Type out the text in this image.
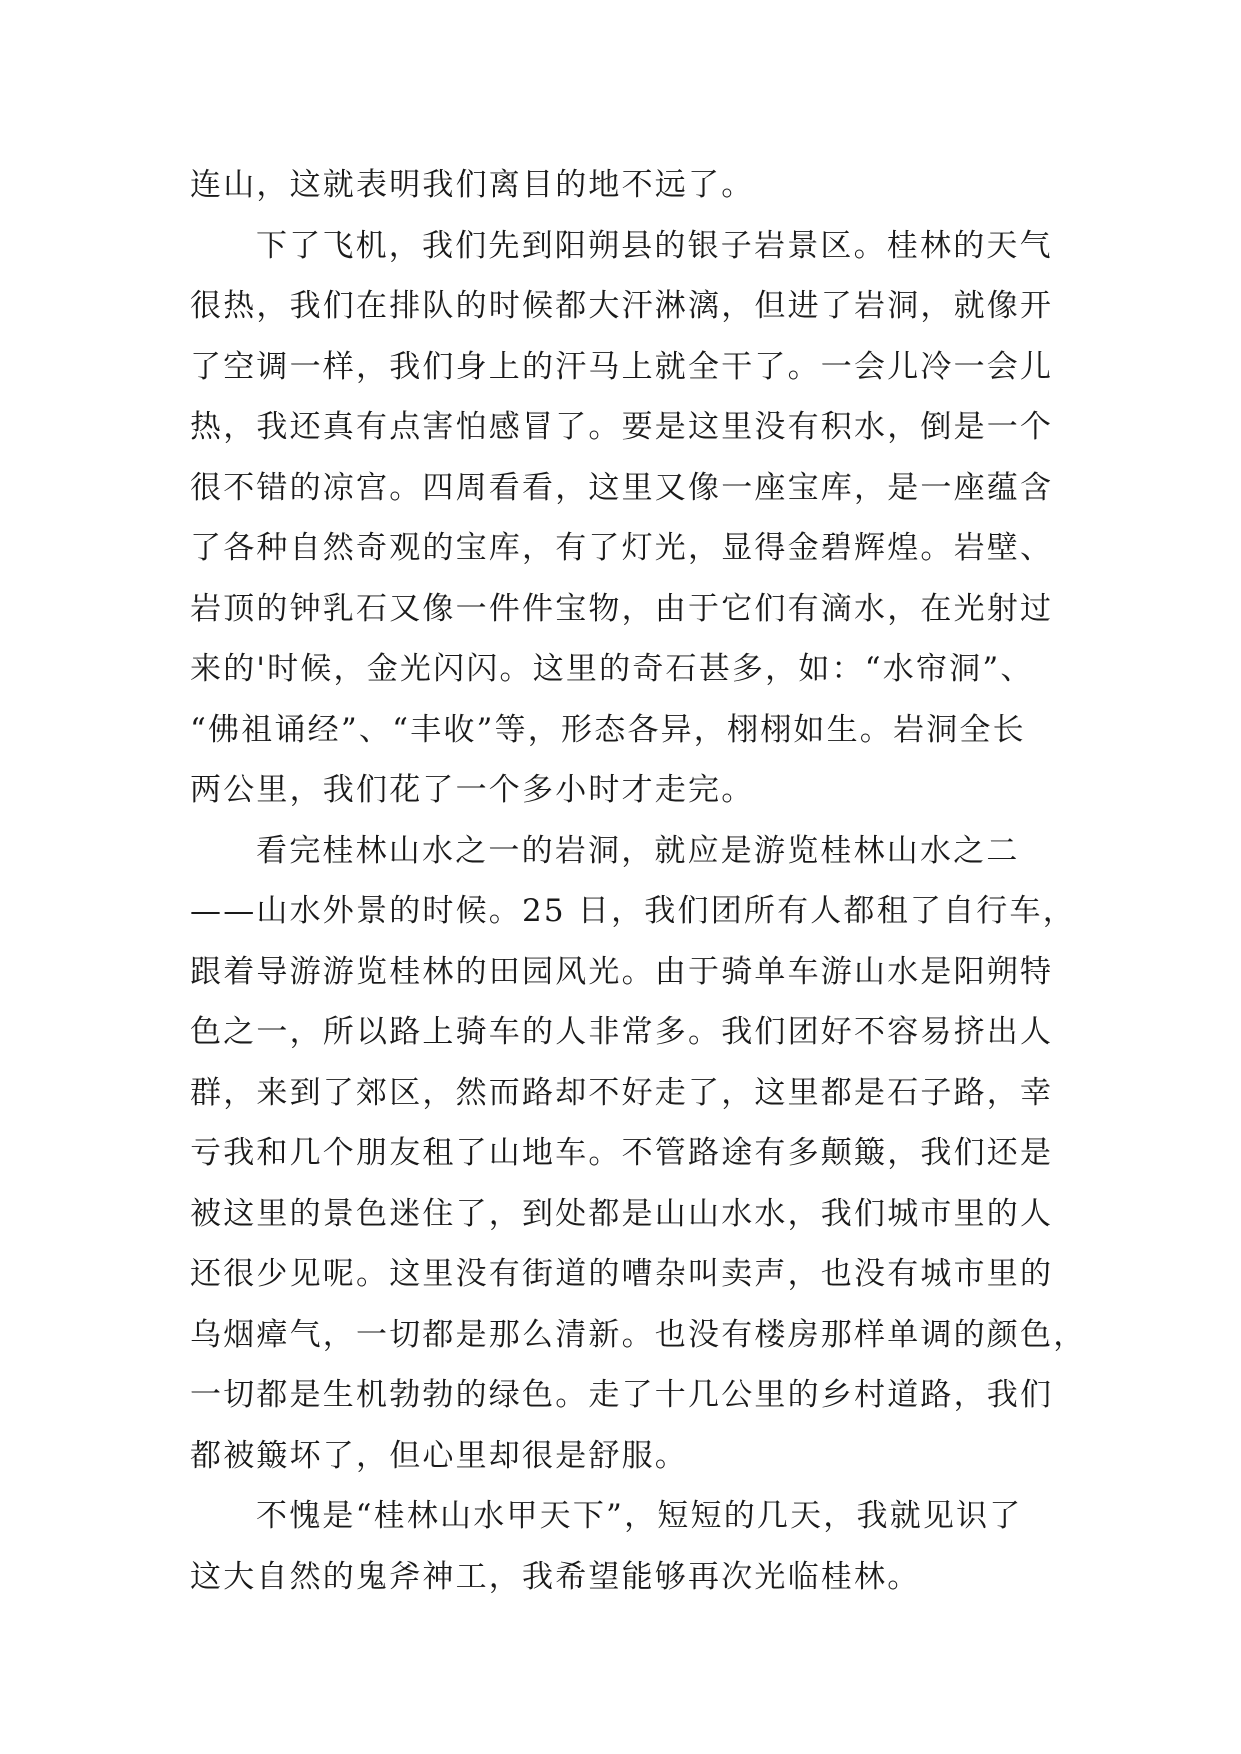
连山，这就表明我们离目的地不远了。
下了飞机，我们先到阳朔县的银子岩景区。桂林的天气
很热，我们在排队的时候都大汗淋漓，但进了岩洞，就像开
了空调一样，我们身上的汗马上就全干了。一会儿冷一会儿
热，我还真有点害怕感冒了。要是这里没有积水，倒是一个
很不错的凉宫。四周看看，这里又像一座宝库，是一座蕴含
了各种自然奇观的宝库，有了灯光，显得金碧辉煌。岩壁、
岩顶的钟乳石又像一件件宝物，由于它们有滴水，在光射过
来的'时候，金光闪闪。这里的奇石甚多，如：“水帘洞”、
“佛祖诵经”、“丰收”等，形态各异，栩栩如生。岩洞全长
两公里，我们花了一个多小时才走完。
看完桂林山水之一的岩洞，就应是游览桂林山水之二
——山水外景的时候。25 日，我们团所有人都租了自行车，
跟着导游游览桂林的田园风光。由于骑单车游山水是阳朔特
色之一，所以路上骑车的人非常多。我们团好不容易挤出人
群，来到了郊区，然而路却不好走了，这里都是石子路，幸
亏我和几个朋友租了山地车。不管路途有多颠簸，我们还是
被这里的景色迷住了，到处都是山山水水，我们城市里的人
还很少见呢。这里没有街道的嘈杂叫卖声，也没有城市里的
乌烟瘴气，一切都是那么清新。也没有楼房那样单调的颜色，
一切都是生机勃勃的绿色。走了十几公里的乡村道路，我们
都被簸坏了，但心里却很是舒服。
不愧是“桂林山水甲天下”，短短的几天，我就见识了
这大自然的鬼斧神工，我希望能够再次光临桂林。
